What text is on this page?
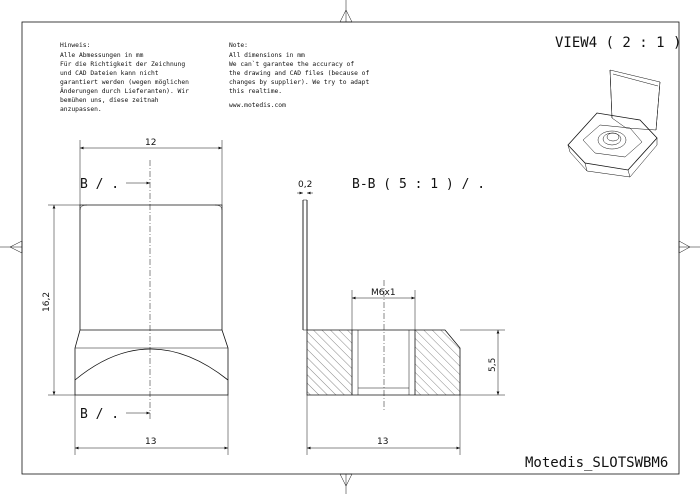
Hinweis:
Alle Abmessungen in mm
Für die Richtigkeit der Zeichnung
und CAD Dateien kann nicht
garantiert werden (wegen möglichen
Änderungen durch Lieferanten). Wir
bemühen uns, diese zeitnah
anzupassen.
Note:
All dimensions in mm
We can`t garantee the accuracy of
the drawing and CAD files (because of
changes by supplier). We try to adapt
this realtime.
www.motedis.com
VIEW4 ( 2 : 1 )
12
16,2
13
B / .
B / .
B-B ( 5 : 1 ) / .
0,2
M6x1
5,5
13
Motedis_SLOTSWBM6
